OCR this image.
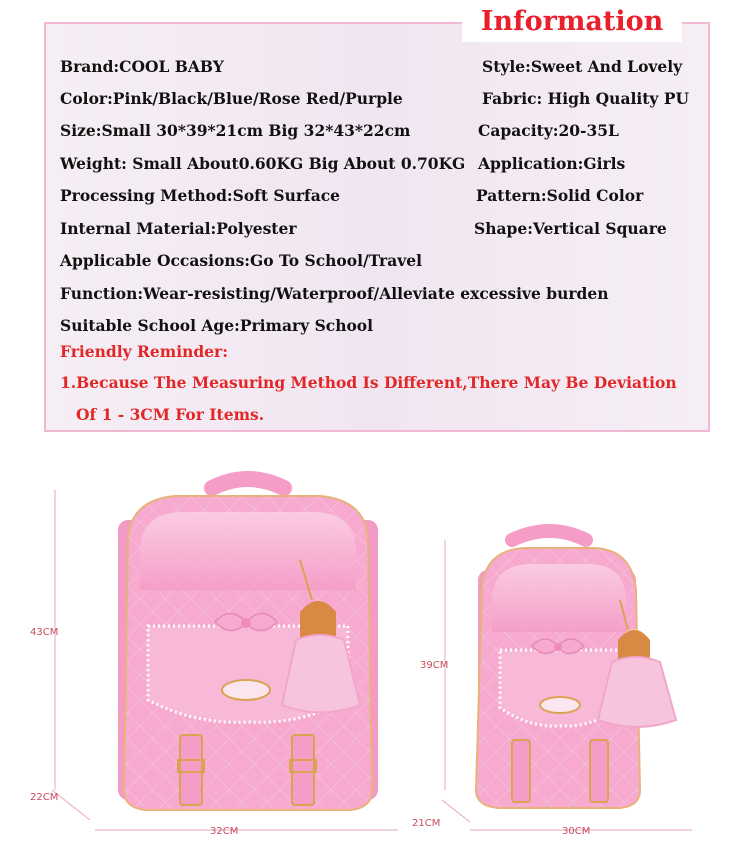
Information
Brand:COOL BABY
Color:Pink/Black/Blue/Rose Red/Purple
Size:Small 30*39*21cm Big 32*43*22cm
Weight: Small About0.60KG Big About 0.70KG
Processing Method:Soft Surface
Internal Material:Polyester
Applicable Occasions:Go To School/Travel
Function:Wear-resisting/Waterproof/Alleviate excessive burden
Suitable School Age:Primary School
Style:Sweet And Lovely
Fabric: High Quality PU
Capacity:20-35L
Application:Girls
Pattern:Solid Color
Shape:Vertical Square
Friendly Reminder:
1.Because The Measuring Method Is Different,There May Be Deviation
Of 1 - 3CM For Items.
43CM
22CM
32CM
39CM
21CM
30CM
